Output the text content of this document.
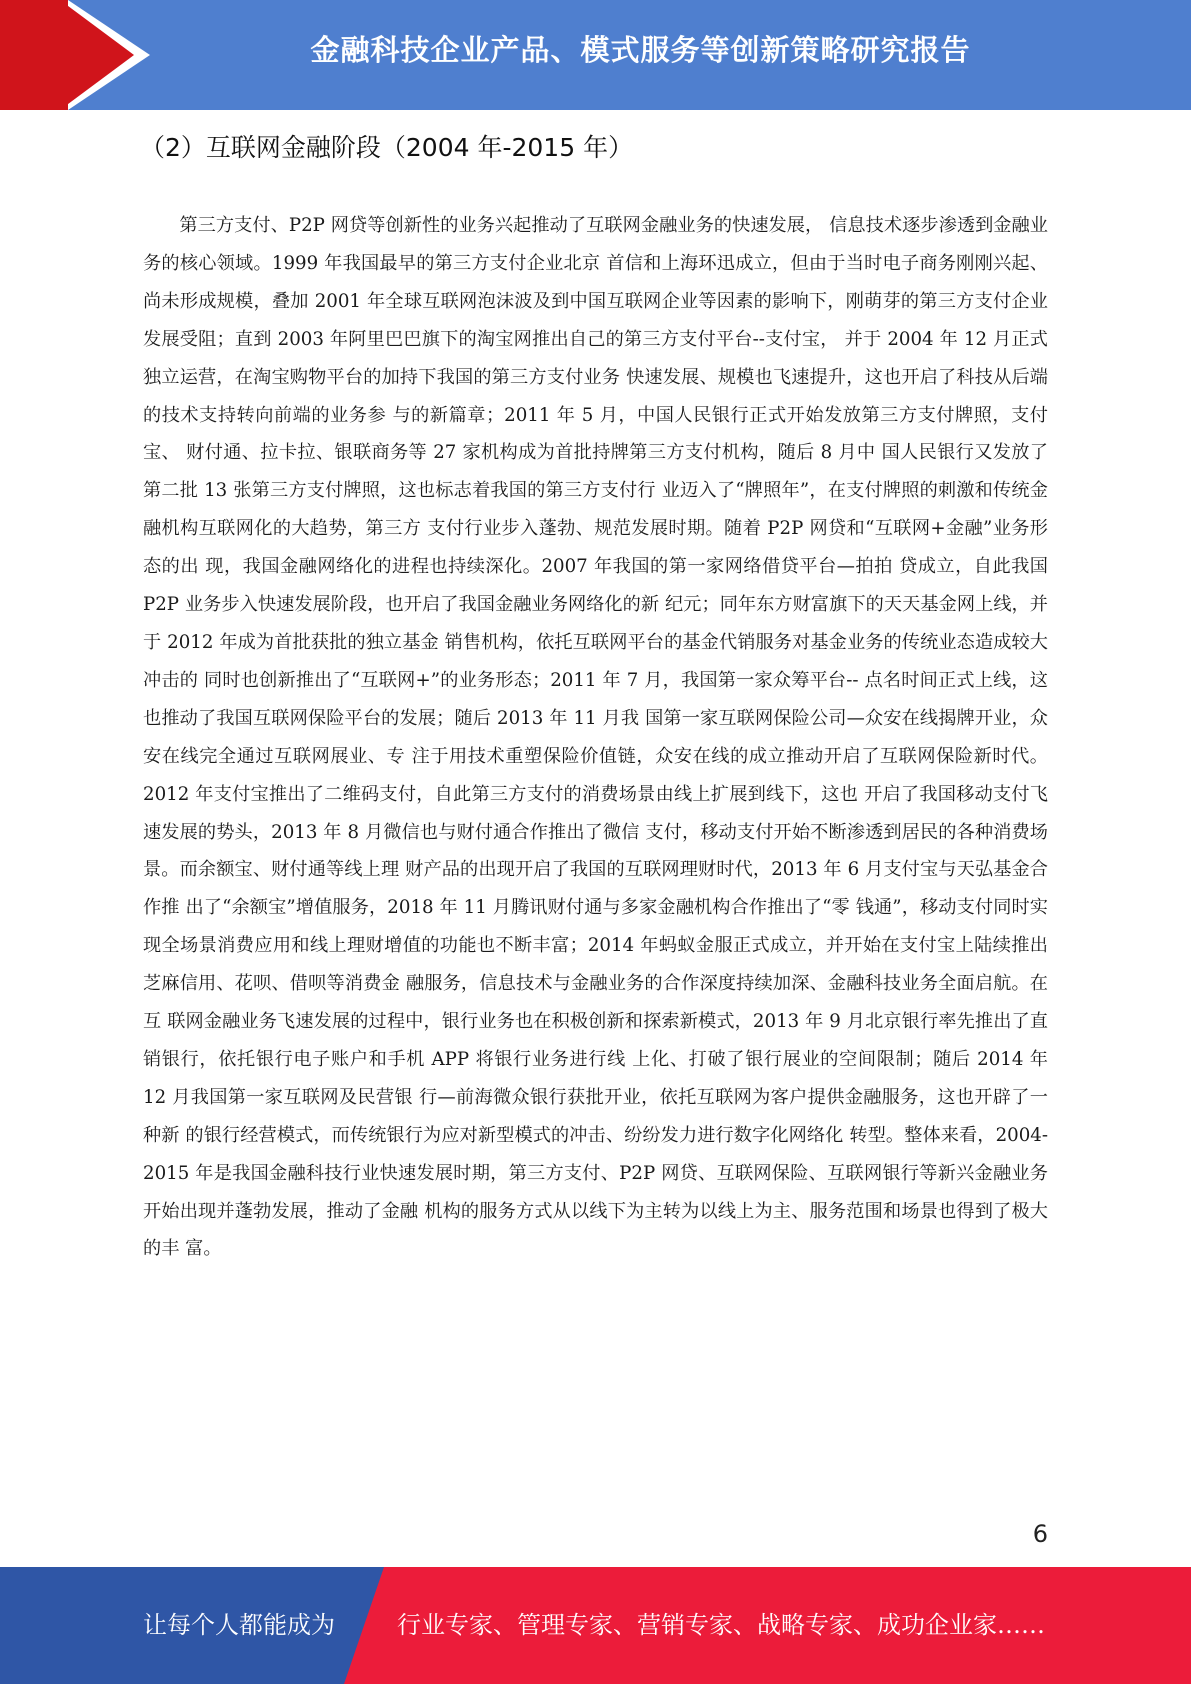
金融科技企业产品、模式服务等创新策略研究报告
（2）互联网金融阶段（2004 年-2015 年）

第三方支付、P2P 网贷等创新性的业务兴起推动了互联网金融业务的快速发展， 信息技术逐步渗透到金融业务的核心领域。1999 年我国最早的第三方支付企业北京 首信和上海环迅成立，但由于当时电子商务刚刚兴起、尚未形成规模，叠加 2001 年全球互联网泡沫波及到中国互联网企业等因素的影响下，刚萌芽的第三方支付企业 发展受阻；直到 2003 年阿里巴巴旗下的淘宝网推出自己的第三方支付平台--支付宝， 并于 2004 年 12 月正式独立运营，在淘宝购物平台的加持下我国的第三方支付业务 快速发展、规模也飞速提升，这也开启了科技从后端的技术支持转向前端的业务参 与的新篇章；2011 年 5 月，中国人民银行正式开始发放第三方支付牌照，支付宝、 财付通、拉卡拉、银联商务等 27 家机构成为首批持牌第三方支付机构，随后 8 月中 国人民银行又发放了第二批 13 张第三方支付牌照，这也标志着我国的第三方支付行 业迈入了“牌照年”，在支付牌照的刺激和传统金融机构互联网化的大趋势，第三方 支付行业步入蓬勃、规范发展时期。随着 P2P 网贷和“互联网+金融”业务形态的出 现，我国金融网络化的进程也持续深化。2007 年我国的第一家网络借贷平台—拍拍 贷成立，自此我国 P2P 业务步入快速发展阶段，也开启了我国金融业务网络化的新 纪元；同年东方财富旗下的天天基金网上线，并于 2012 年成为首批获批的独立基金 销售机构，依托互联网平台的基金代销服务对基金业务的传统业态造成较大冲击的 同时也创新推出了“互联网+”的业务形态；2011 年 7 月，我国第一家众筹平台-- 点名时间正式上线，这也推动了我国互联网保险平台的发展；随后 2013 年 11 月我 国第一家互联网保险公司—众安在线揭牌开业，众安在线完全通过互联网展业、专 注于用技术重塑保险价值链，众安在线的成立推动开启了互联网保险新时代。2012 年支付宝推出了二维码支付，自此第三方支付的消费场景由线上扩展到线下，这也 开启了我国移动支付飞速发展的势头，2013 年 8 月微信也与财付通合作推出了微信 支付，移动支付开始不断渗透到居民的各种消费场景。而余额宝、财付通等线上理 财产品的出现开启了我国的互联网理财时代，2013 年 6 月支付宝与天弘基金合作推 出了“余额宝”增值服务，2018 年 11 月腾讯财付通与多家金融机构合作推出了“零 钱通”，移动支付同时实现全场景消费应用和线上理财增值的功能也不断丰富；2014 年蚂蚁金服正式成立，并开始在支付宝上陆续推出芝麻信用、花呗、借呗等消费金 融服务，信息技术与金融业务的合作深度持续加深、金融科技业务全面启航。在互 联网金融业务飞速发展的过程中，银行业务也在积极创新和探索新模式，2013 年 9 月北京银行率先推出了直销银行，依托银行电子账户和手机 APP 将银行业务进行线 上化、打破了银行展业的空间限制；随后 2014 年 12 月我国第一家互联网及民营银 行—前海微众银行获批开业，依托互联网为客户提供金融服务，这也开辟了一种新 的银行经营模式，而传统银行为应对新型模式的冲击、纷纷发力进行数字化网络化 转型。整体来看，2004-2015 年是我国金融科技行业快速发展时期，第三方支付、P2P 网贷、互联网保险、互联网银行等新兴金融业务开始出现并蓬勃发展，推动了金融 机构的服务方式从以线下为主转为以线上为主、服务范围和场景也得到了极大的丰 富。

6
让每个人都能成为	行业专家、管理专家、营销专家、战略专家、成功企业家……
